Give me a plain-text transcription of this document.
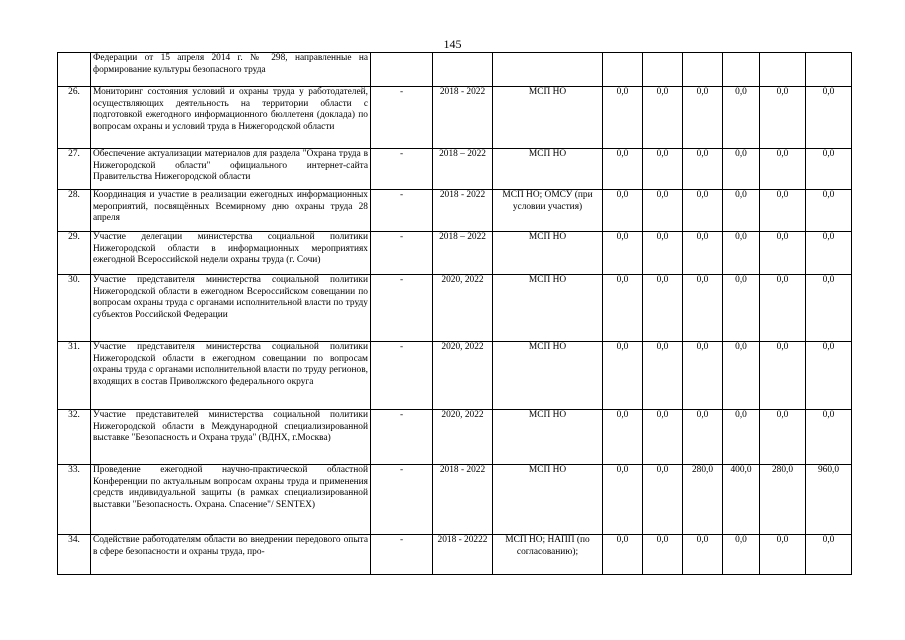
145
	Федерации от 15 апреля 2014 г. № 298, направленные на формирование культуры безопасного труда									
26.	Мониторинг состояния условий и охраны труда у работодателей, осуществляющих деятельность на территории области с подготовкой ежегодного информационного бюллетеня (доклада) по вопросам охраны и условий труда в Нижегородской области	-	2018 - 2022	МСП НО	0,0	0,0	0,0	0,0	0,0	0,0
27.	Обеспечение актуализации материалов для раздела "Охрана труда в Нижегородской области" официального интернет-сайта Правительства Нижегородской области	-	2018 – 2022	МСП НО	0,0	0,0	0,0	0,0	0,0	0,0
28.	Координация и участие в реализации ежегодных информационных мероприятий, посвящённых Всемирному дню охраны труда 28 апреля	-	2018 - 2022	МСП НО; ОМСУ (при условии участия)	0,0	0,0	0,0	0,0	0,0	0,0
29.	Участие делегации министерства социальной политики Нижегородской области в информационных мероприятиях ежегодной Всероссийской недели охраны труда (г. Сочи)	-	2018 – 2022	МСП НО	0,0	0,0	0,0	0,0	0,0	0,0
30.	Участие представителя министерства социальной политики Нижегородской области в ежегодном Всероссийском совещании по вопросам охраны труда с органами исполнительной власти по труду субъектов Российской Федерации	-	2020, 2022	МСП НО	0,0	0,0	0,0	0,0	0,0	0,0
31.	Участие представителя министерства социальной политики Нижегородской области в ежегодном совещании по вопросам охраны труда с органами исполнительной власти по труду регионов, входящих в состав Приволжского федерального округа	-	2020, 2022	МСП НО	0,0	0,0	0,0	0,0	0,0	0,0
32.	Участие представителей министерства социальной политики Нижегородской области в Международной специализированной выставке "Безопасность и Охрана труда" (ВДНХ, г.Москва)	-	2020, 2022	МСП НО	0,0	0,0	0,0	0,0	0,0	0,0
33.	Проведение ежегодной научно-практической областной Конференции по актуальным вопросам охраны труда и применения средств индивидуальной защиты (в рамках специализированной выставки "Безопасность. Охрана. Спасение"/ SENTEX)	-	2018 - 2022	МСП НО	0,0	0,0	280,0	400,0	280,0	960,0
34.	Содействие работодателям области во внедрении передового опыта в сфере безопасности и охраны труда, про-	-	2018 - 20222	МСП НО; НАПП (по согласованию);	0,0	0,0	0,0	0,0	0,0	0,0
